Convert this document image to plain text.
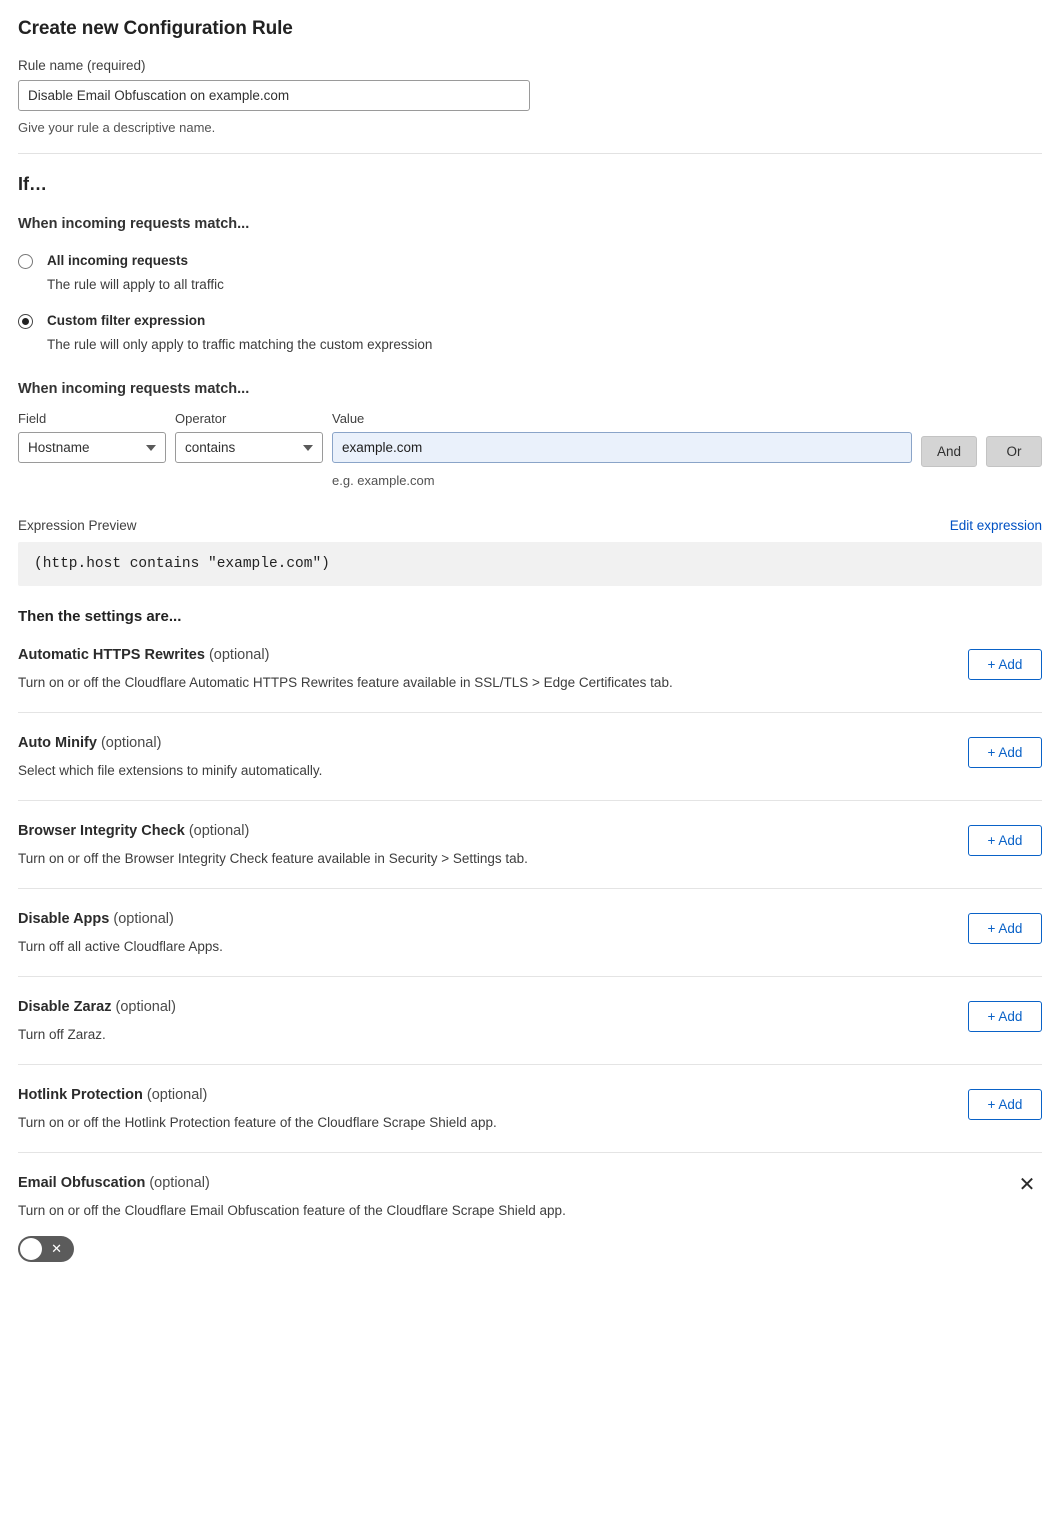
Create new Configuration Rule
Rule name (required)
Disable Email Obfuscation on example.com
Give your rule a descriptive name.
If…
When incoming requests match...
All incoming requests
The rule will apply to all traffic
Custom filter expression
The rule will only apply to traffic matching the custom expression
When incoming requests match...
Field
Hostname
Operator
contains
Value
example.com
e.g. example.com
And	Or
Expression Preview	Edit expression
(http.host contains "example.com")
Then the settings are...
Automatic HTTPS Rewrites (optional)
Turn on or off the Cloudflare Automatic HTTPS Rewrites feature available in SSL/TLS > Edge Certificates tab.
+ Add
Auto Minify (optional)
Select which file extensions to minify automatically.
+ Add
Browser Integrity Check (optional)
Turn on or off the Browser Integrity Check feature available in Security > Settings tab.
+ Add
Disable Apps (optional)
Turn off all active Cloudflare Apps.
+ Add
Disable Zaraz (optional)
Turn off Zaraz.
+ Add
Hotlink Protection (optional)
Turn on or off the Hotlink Protection feature of the Cloudflare Scrape Shield app.
+ Add
Email Obfuscation (optional)	✕
Turn on or off the Cloudflare Email Obfuscation feature of the Cloudflare Scrape Shield app.
✕
